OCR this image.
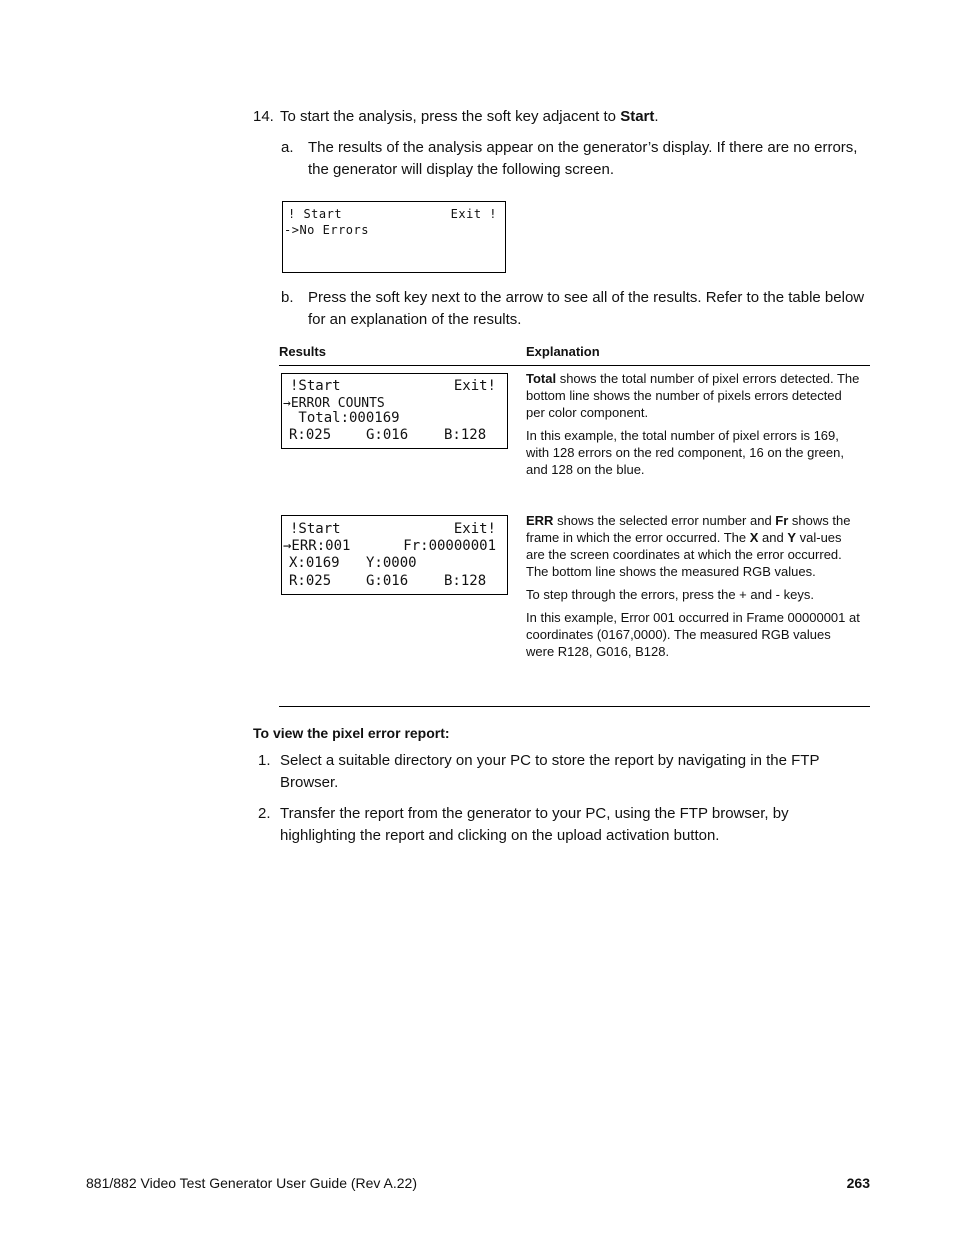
14. To start the analysis, press the soft key adjacent to Start.
a. The results of the analysis appear on the generator’s display. If there are no errors,
the generator will display the following screen.
! Start	Exit !
->No Errors
b. Press the soft key next to the arrow to see all of the results. Refer to the table below
for an explanation of the results.
Results	Explanation
!Start	Exit!
→ERROR COUNTS
Total:000169
R:025 G:016	B:128

Total shows the total number of pixel errors detected. The bottom line shows the number of pixels errors detected per color component.

In this example, the total number of pixel errors is 169, with 128 errors on the red component, 16 on the green, and 128 on the blue.

!Start	Exit!
→ERR:001	Fr:00000001
X:0169 Y:0000
R:025 G:016	B:128

ERR shows the selected error number and Fr shows the frame in which the error occurred. The X and Y val-ues are the screen coordinates at which the error occurred. The bottom line shows the measured RGB values.

To step through the errors, press the + and - keys.

In this example, Error 001 occurred in Frame 00000001 at coordinates (0167,0000). The measured RGB values were R128, G016, B128.

To view the pixel error report:
1. Select a suitable directory on your PC to store the report by navigating in the FTP
Browser.
2. Transfer the report from the generator to your PC, using the FTP browser, by
highlighting the report and clicking on the upload activation button.
881/882 Video Test Generator User Guide (Rev A.22)	263
